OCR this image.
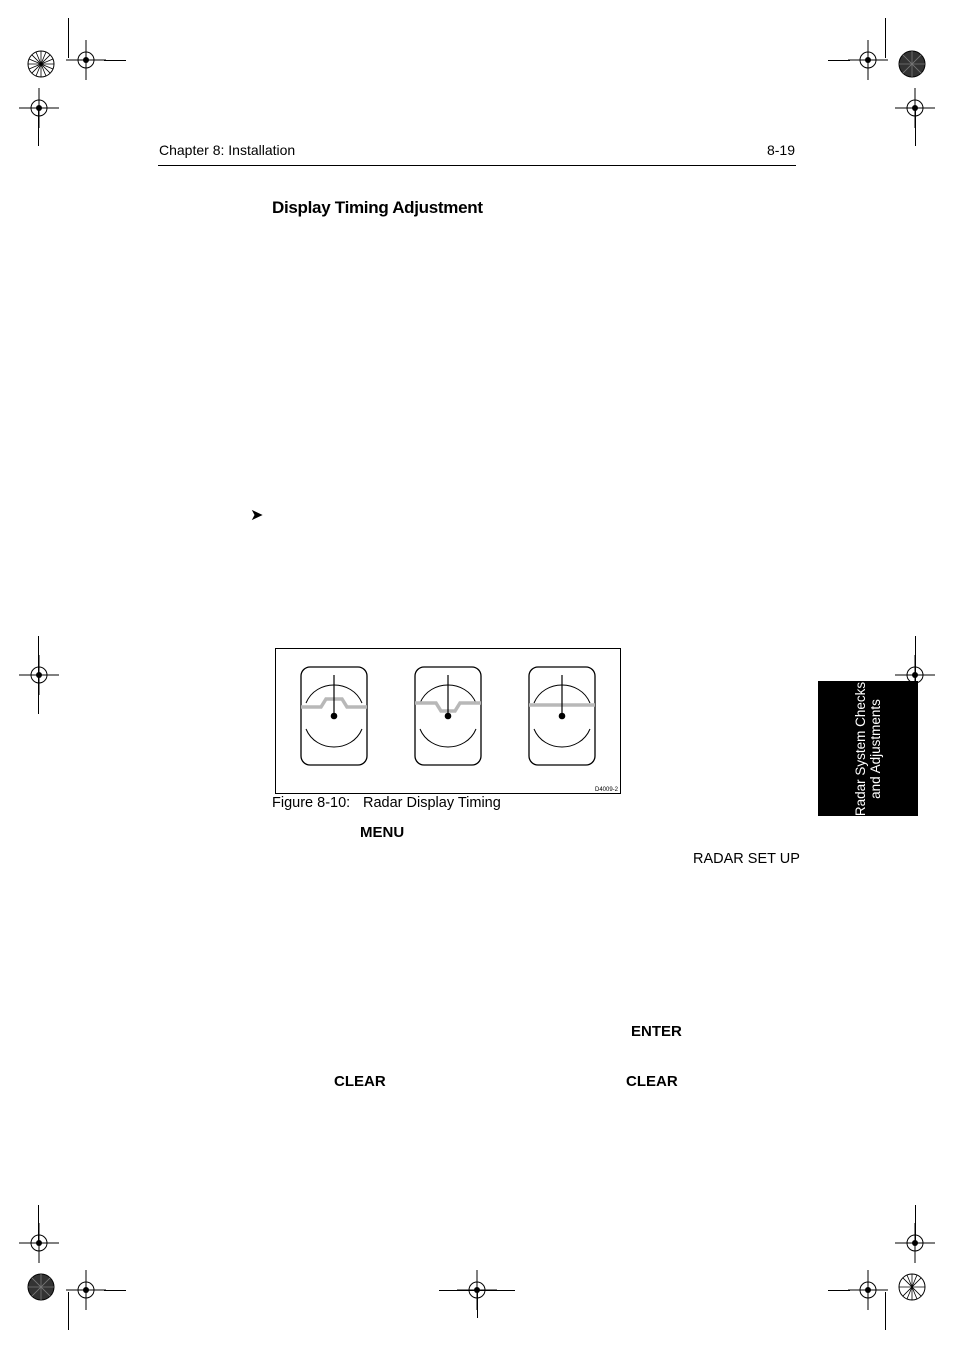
Chapter 8: Installation	8-19
Display Timing Adjustment
➤
D4009-2
Figure 8-10: Radar Display Timing
MENU
RADAR SET UP
ENTER
CLEAR	CLEAR
Radar System Checks and Adjustments
